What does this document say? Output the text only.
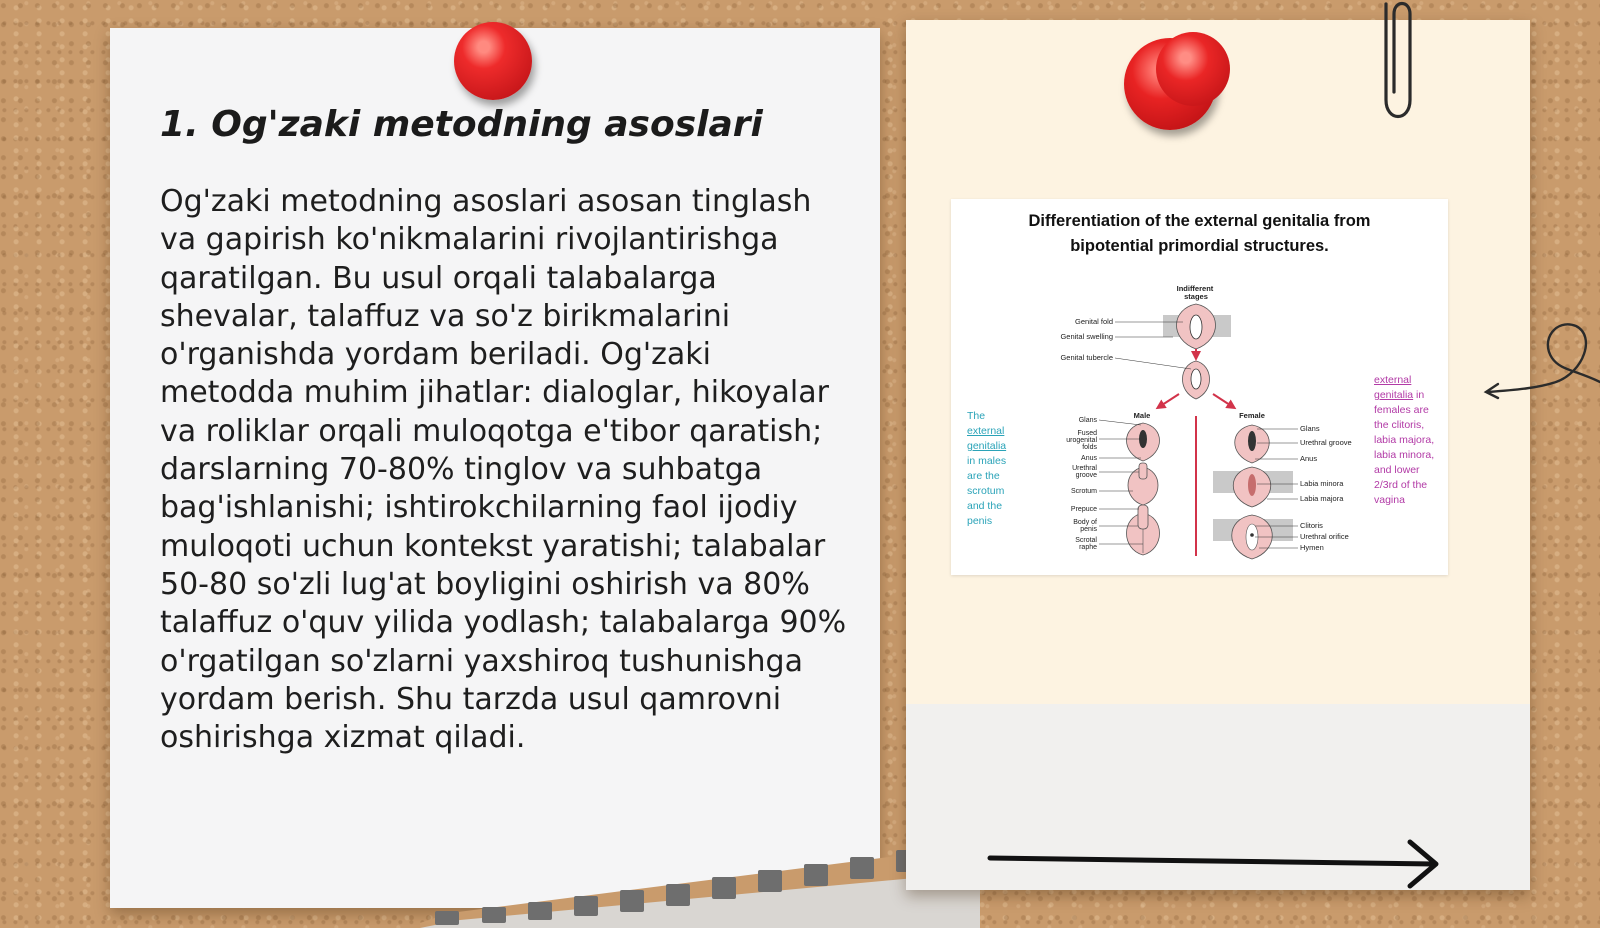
1. Og'zaki metodning asoslari

Og'zaki metodning asoslari asosan tinglash va gapirish ko'nikmalarini rivojlantirishga qaratilgan. Bu usul orqali talabalarga shevalar, talaffuz va so'z birikmalarini o'rganishda yordam beriladi. Og'zaki metodda muhim jihatlar: dialoglar, hikoyalar va roliklar orqali muloqotga e'tibor qaratish; darslarning 70-80% tinglov va suhbatga bag'ishlanishi; ishtirokchilarning faol ijodiy muloqoti uchun kontekst yaratishi; talabalar 50-80 so'zli lug'at boyligini oshirish va 80% talaffuz o'quv yilida yodlash; talabalarga 90% o'rgatilgan so'zlarni yaxshiroq tushunishga yordam berish. Shu tarzda usul qamrovni oshirishga xizmat qiladi.

Differentiation of the external genitalia from
bipotential primordial structures.
Indifferent stages
Male	Female
Genital fold
Genital swelling
Genital tubercle
Glans
Fused urogenital folds
Anus
Urethral groove
Scrotum
Prepuce
Body of penis
Scrotal raphe
Glans
Urethral groove
Anus
Labia minora
Labia majora
Clitoris
Urethral orifice
Hymen
The external genitalia in males are the scrotum and the penis
external genitalia in females are the clitoris, labia majora, labia minora, and lower 2/3rd of the vagina
